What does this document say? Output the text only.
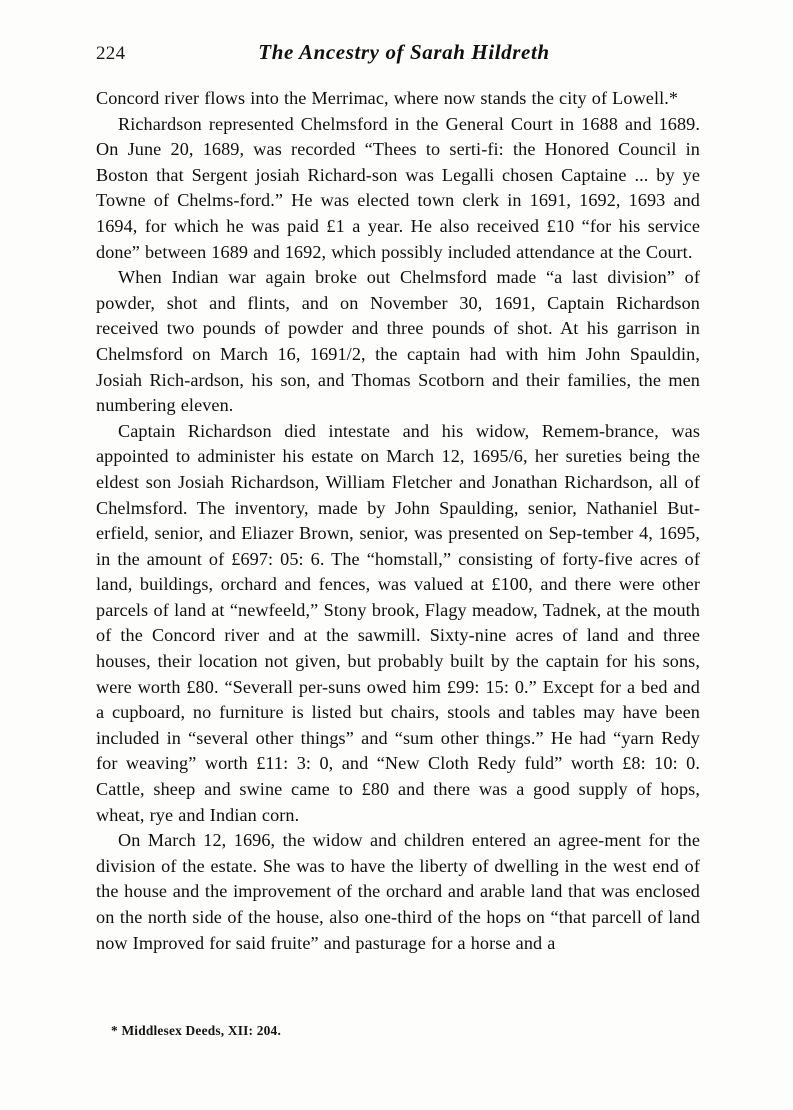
224	The Ancestry of Sarah Hildreth

Concord river flows into the Merrimac, where now stands the city of Lowell.*

Richardson represented Chelmsford in the General Court in 1688 and 1689. On June 20, 1689, was recorded “Thees to serti-fi: the Honored Council in Boston that Sergent josiah Richard-son was Legalli chosen Captaine ... by ye Towne of Chelms-ford.” He was elected town clerk in 1691, 1692, 1693 and 1694, for which he was paid £1 a year. He also received £10 “for his service done” between 1689 and 1692, which possibly included attendance at the Court.

When Indian war again broke out Chelmsford made “a last division” of powder, shot and flints, and on November 30, 1691, Captain Richardson received two pounds of powder and three pounds of shot. At his garrison in Chelmsford on March 16, 1691/2, the captain had with him John Spauldin, Josiah Rich-ardson, his son, and Thomas Scotborn and their families, the men numbering eleven.

Captain Richardson died intestate and his widow, Remem-brance, was appointed to administer his estate on March 12, 1695/6, her sureties being the eldest son Josiah Richardson, William Fletcher and Jonathan Richardson, all of Chelmsford. The inventory, made by John Spaulding, senior, Nathaniel But-erfield, senior, and Eliazer Brown, senior, was presented on Sep-tember 4, 1695, in the amount of £697: 05: 6. The “homstall,” consisting of forty-five acres of land, buildings, orchard and fences, was valued at £100, and there were other parcels of land at “newfeeld,” Stony brook, Flagy meadow, Tadnek, at the mouth of the Concord river and at the sawmill. Sixty-nine acres of land and three houses, their location not given, but probably built by the captain for his sons, were worth £80. “Severall per-suns owed him £99: 15: 0.” Except for a bed and a cupboard, no furniture is listed but chairs, stools and tables may have been included in “several other things” and “sum other things.” He had “yarn Redy for weaving” worth £11: 3: 0, and “New Cloth Redy fuld” worth £8: 10: 0. Cattle, sheep and swine came to £80 and there was a good supply of hops, wheat, rye and Indian corn.

On March 12, 1696, the widow and children entered an agree-ment for the division of the estate. She was to have the liberty of dwelling in the west end of the house and the improvement of the orchard and arable land that was enclosed on the north side of the house, also one-third of the hops on “that parcell of land now Improved for said fruite” and pasturage for a horse and a

* Middlesex Deeds, XII: 204.
